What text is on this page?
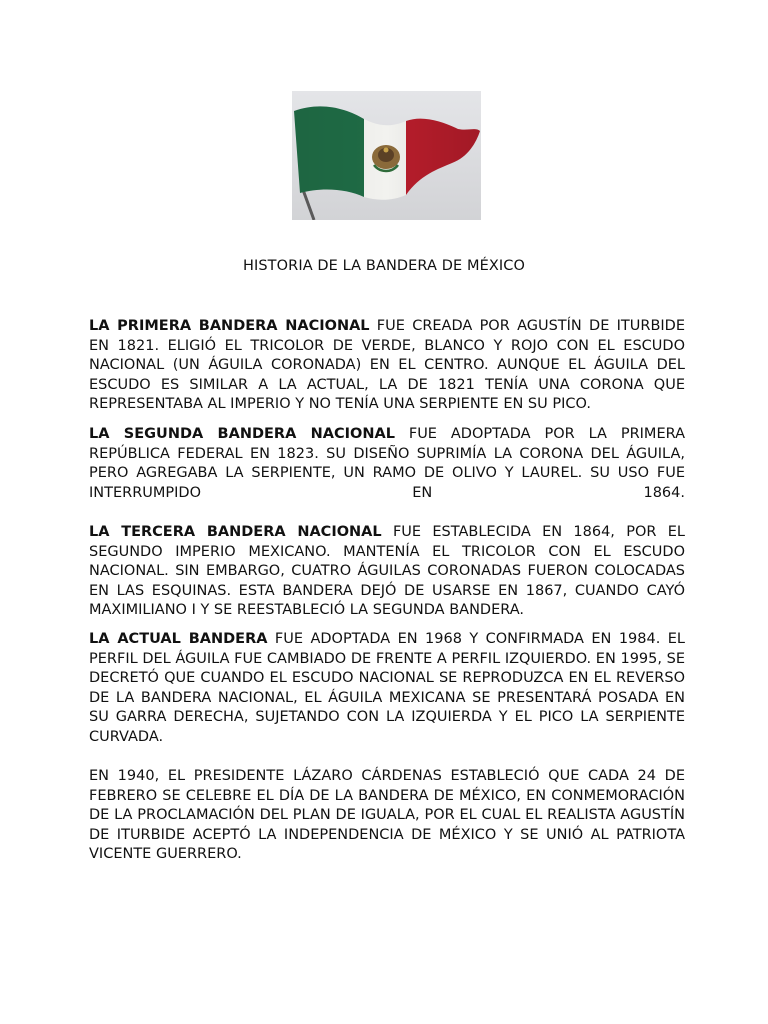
HISTORIA DE LA BANDERA DE MÉXICO

LA PRIMERA BANDERA NACIONAL FUE CREADA POR AGUSTÍN DE ITURBIDE EN 1821. ELIGIÓ EL TRICOLOR DE VERDE, BLANCO Y ROJO CON EL ESCUDO NACIONAL (UN ÁGUILA CORONADA) EN EL CENTRO. AUNQUE EL ÁGUILA DEL ESCUDO ES SIMILAR A LA ACTUAL, LA DE 1821 TENÍA UNA CORONA QUE REPRESENTABA AL IMPERIO Y NO TENÍA UNA SERPIENTE EN SU PICO.

LA SEGUNDA BANDERA NACIONAL FUE ADOPTADA POR LA PRIMERA REPÚBLICA FEDERAL EN 1823. SU DISEÑO SUPRIMÍA LA CORONA DEL ÁGUILA, PERO AGREGABA LA SERPIENTE, UN RAMO DE OLIVO Y LAUREL. SU USO FUE INTERRUMPIDO EN 1864.

LA TERCERA BANDERA NACIONAL FUE ESTABLECIDA EN 1864, POR EL SEGUNDO IMPERIO MEXICANO. MANTENÍA EL TRICOLOR CON EL ESCUDO NACIONAL. SIN EMBARGO, CUATRO ÁGUILAS CORONADAS FUERON COLOCADAS EN LAS ESQUINAS. ESTA BANDERA DEJÓ DE USARSE EN 1867, CUANDO CAYÓ MAXIMILIANO I Y SE REESTABLECIÓ LA SEGUNDA BANDERA.

LA ACTUAL BANDERA FUE ADOPTADA EN 1968 Y CONFIRMADA EN 1984. EL PERFIL DEL ÁGUILA FUE CAMBIADO DE FRENTE A PERFIL IZQUIERDO. EN 1995, SE DECRETÓ QUE CUANDO EL ESCUDO NACIONAL SE REPRODUZCA EN EL REVERSO DE LA BANDERA NACIONAL, EL ÁGUILA MEXICANA SE PRESENTARÁ POSADA EN SU GARRA DERECHA, SUJETANDO CON LA IZQUIERDA Y EL PICO LA SERPIENTE CURVADA.

EN 1940, EL PRESIDENTE LÁZARO CÁRDENAS ESTABLECIÓ QUE CADA 24 DE FEBRERO SE CELEBRE EL DÍA DE LA BANDERA DE MÉXICO, EN CONMEMORACIÓN DE LA PROCLAMACIÓN DEL PLAN DE IGUALA, POR EL CUAL EL REALISTA AGUSTÍN DE ITURBIDE ACEPTÓ LA INDEPENDENCIA DE MÉXICO Y SE UNIÓ AL PATRIOTA VICENTE GUERRERO.
